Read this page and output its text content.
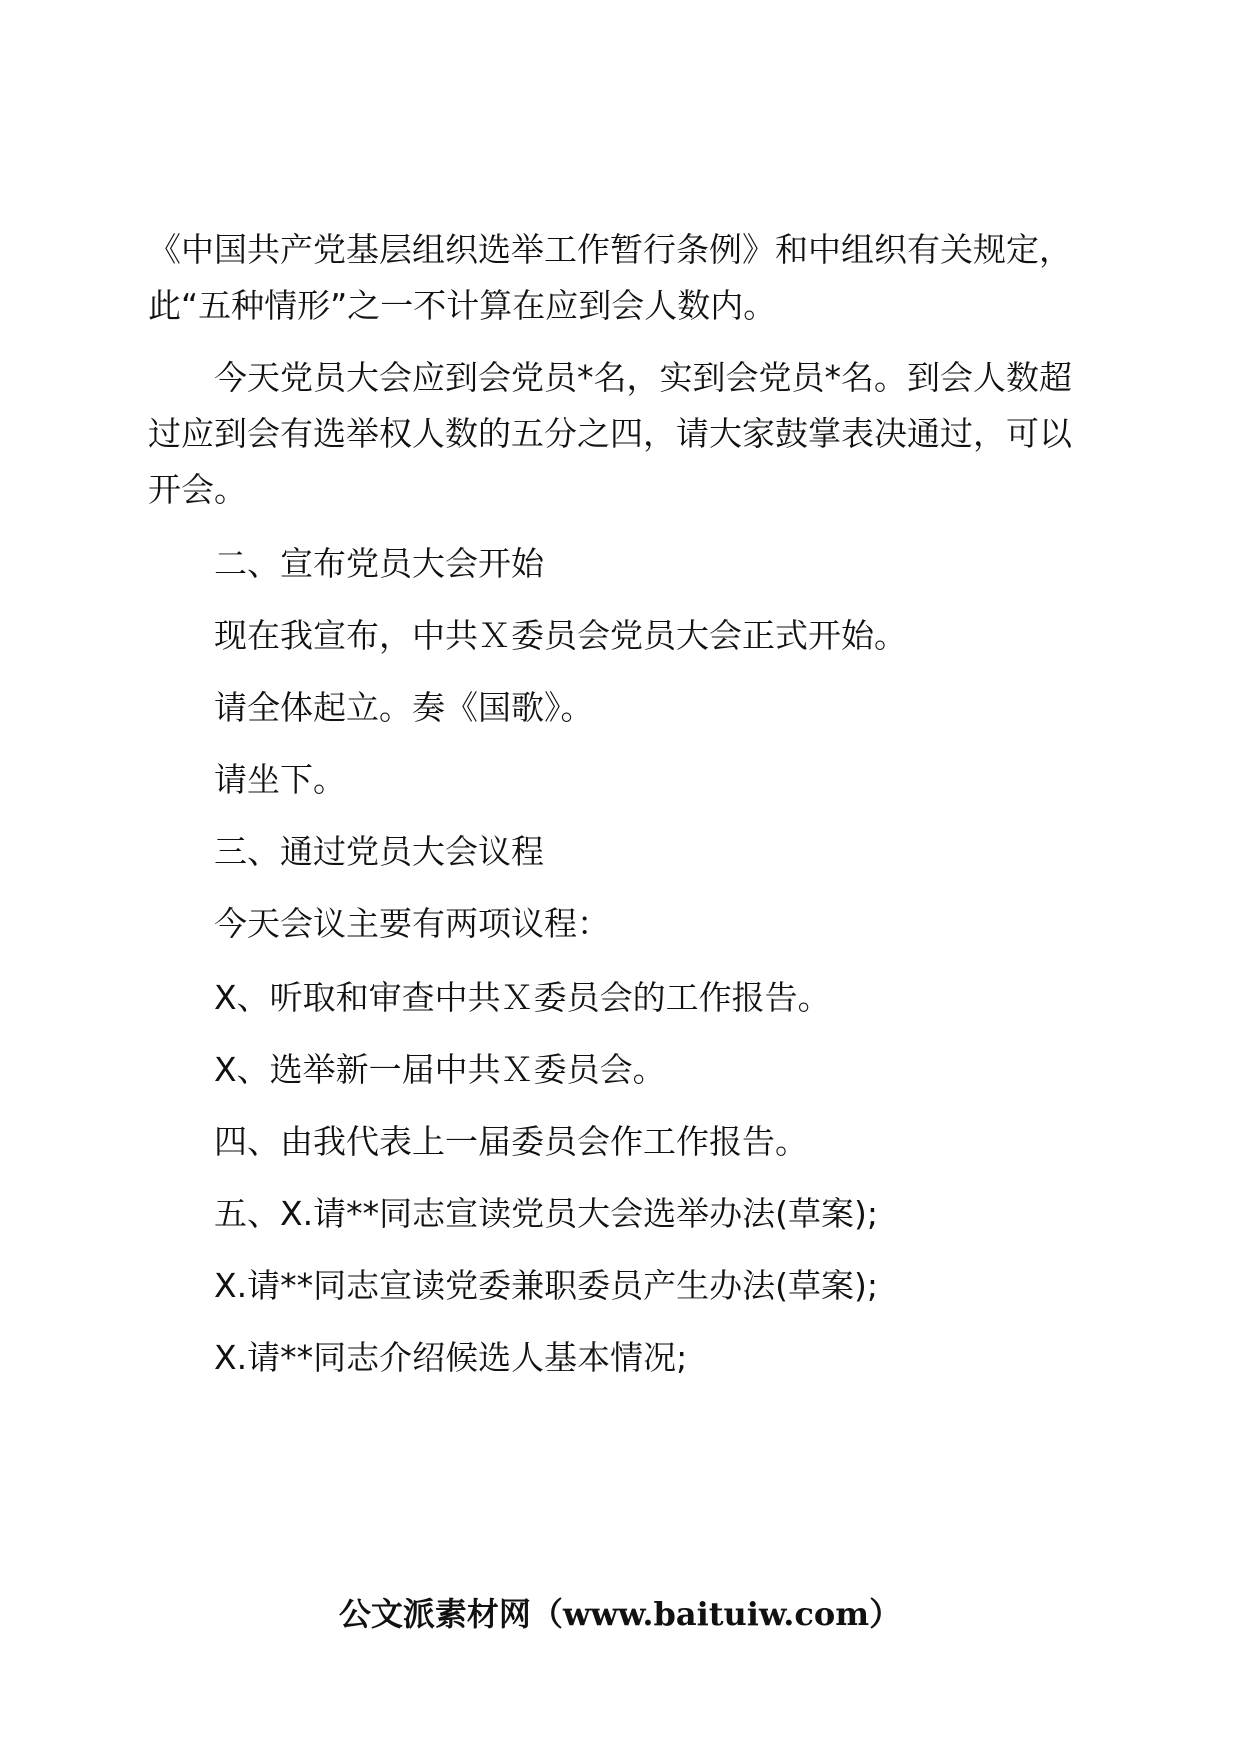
《中国共产党基层组织选举工作暂行条例》和中组织有关规定，
此“五种情形”之一不计算在应到会人数内。
今天党员大会应到会党员*名，实到会党员*名。到会人数超
过应到会有选举权人数的五分之四，请大家鼓掌表决通过，可以
开会。
二、宣布党员大会开始
现在我宣布，中共Ｘ委员会党员大会正式开始。
请全体起立。奏《国歌》。
请坐下。
三、通过党员大会议程
今天会议主要有两项议程：
X、听取和审查中共Ｘ委员会的工作报告。
X、选举新一届中共Ｘ委员会。
四、由我代表上一届委员会作工作报告。
五、X.请**同志宣读党员大会选举办法(草案);
X.请**同志宣读党委兼职委员产生办法(草案);
X.请**同志介绍候选人基本情况;
公文派素材网（www.baituiw.com）
